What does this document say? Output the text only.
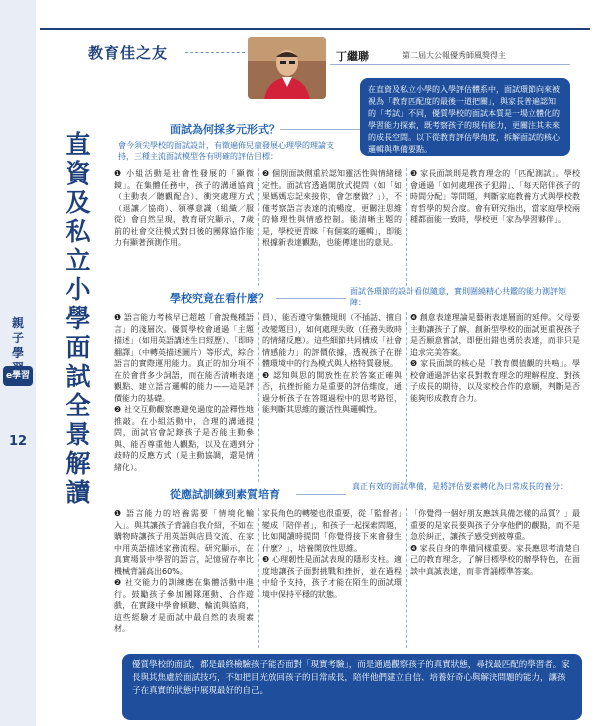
親子學
e學習
12
教育佳之友	丁繼聯	第二屆大公報優秀師風獎得主
在直資及私立小學的入學評估體系中，面試環節向來被視為「教育匹配度的最後一道把關」，與家長普遍認知的「考試」不同，優質學校的面試本質是一場立體化的學習能力探索，既考察孩子的現有能力，更關注其未來的成長空間。以下從教育評估學角度，拆解面試的核心邏輯與準備要點。
直資及私立小學面試全景解讀
面試為何採多元形式？
會今須尖學校的面試設計，有徵遍佈兒童發展心理學的理論支持，三種主流面試模型各有明確的評估目標：
❶ 小組活動是社會性發展的「顯微鏡」。在集體任務中，孩子的溝通協商（主動表／聽觀配合）、衝突處理方式（退讓／協商）、領導意識（組織／服從）會自然呈現，教育研究顯示，7歲前的社會交往模式對日後的團隊協作能力有顯著預測作用。
❷ 個別面談側重於認知靈活性與情緒穩定性。面試官透過開放式提問（如「如果媽媽忘記來接你，會怎麼做？」），不僅考察語言表達的流暢度，更關注思維的條理性與情感控制。能清晰主題的是，學校更青睞「有個案的邏輯」，即能根據新表達觀點，也能傳達出的意見。
❸ 家長面談則是教育理念的「匹配測試」。學校會通過「如何處理孩子犯錯」、「每天陪伴孩子的時間分配」等問題，判斷家庭教養方式與學校教育哲學的契合度。會有研究指出，當家庭學校兩種都面能一致時，學校更「家為學習夥伴」。
學校究竟在看什麼？
面試各環節的設計看似隨意，實則圍繞精心共鑑的能力測評矩陣：
❶ 語言能力考核早已超越「會說幾種語言」的淺層次。優質學校會通過「主題描述」（如用英語講述生日經歷）、「即時翻譯」（中轉英描述圖片）等形式，綜合語言的實際運用能力。真正的加分項不在於會背多少詞語，而在能否清晰表達觀點、建立語言邏輯的能力——這是評價能力的基礎。
❷ 社交互動觀察應避免過度的詮釋性地推敲。在小組活動中，合理的溝通提問，面試官會記錄孩子是否能主動參與、能否尊重他人觀點，以及在遇到分歧時的反應方式（是主動協調，還是情緒化）。
員），能否遵守集體規則（不插話、擅自改變題目），如何處理失敗（任務失敗時的情緒反應）。這些細節共同構成「社會情感能力」的評價依據，透視孩子在群體環境中的行為模式與人格特質發展。
❸ 認知與思的開放性在於答案正確與否，抗挫折能力是重要的評估維度，通過分析孩子在答題過程中的思考路徑，能判斷其思維的靈活性與邏輯性。
❹ 創意表達理論是藝術表達層面的延伸。父母要主動讓孩子了解，創新型學校的面試更重視孩子是否願意嘗試，即便出錯也勇於表達，而非只是追求完美答案。
❺ 家長面談的核心是「教育價值觀的共鳴」。學校會通過評估家長對教育理念的理解程度、對孩子成長的期待，以及家校合作的意願，判斷是否能夠形成教育合力。
從應試訓練到素質培育
真正有效的面試準備，是將評估要素轉化為日常成長的養分：
❶ 語言能力的培養需要「情境化輸入」。與其讓孩子背誦自我介紹，不如在購物時讓孩子用英語與店員交流、在家中用英語描述家務流程。研究顯示，在真實場景中學習的語言，記憶留存率比機械背誦高出60%。
❷ 社交能力的訓練應在集體活動中進行。鼓勵孩子參加團隊運動、合作遊戲，在實踐中學會傾聽、輪流與協商，這些經驗才是面試中最自然的表現素材。
家長角色的轉變也很重要，從「監督者」變成「陪伴者」，和孩子一起探索問題，比如閱讀時提問「你覺得接下來會發生什麼？」，培養開放性思維。
❸ 心理韌性是面試表現的隱形支柱。適度地讓孩子面對挑戰和挫折，並在過程中給予支持，孩子才能在陌生的面試環境中保持平穩的狀態。
「你覺得一個好朋友應該具備怎樣的品質？」最重要的是家長要與孩子分享他們的觀點，而不是急於糾正，讓孩子感受到被尊重。
❹ 家長自身的準備同樣重要。家長應思考清楚自己的教育理念，了解目標學校的辦學特色，在面談中真誠表達，而非背誦標準答案。
優質學校的面試，都是最終檢驗孩子能否面對「現實考驗」，而是通過觀察孩子的真實狀態，尋找最匹配的學習者。家長與其焦慮於面試技巧，不如把目光放回孩子的日常成長，陪伴他們建立自信、培養好奇心與解決問題的能力，讓孩子在真實的狀態中展現最好的自己。
